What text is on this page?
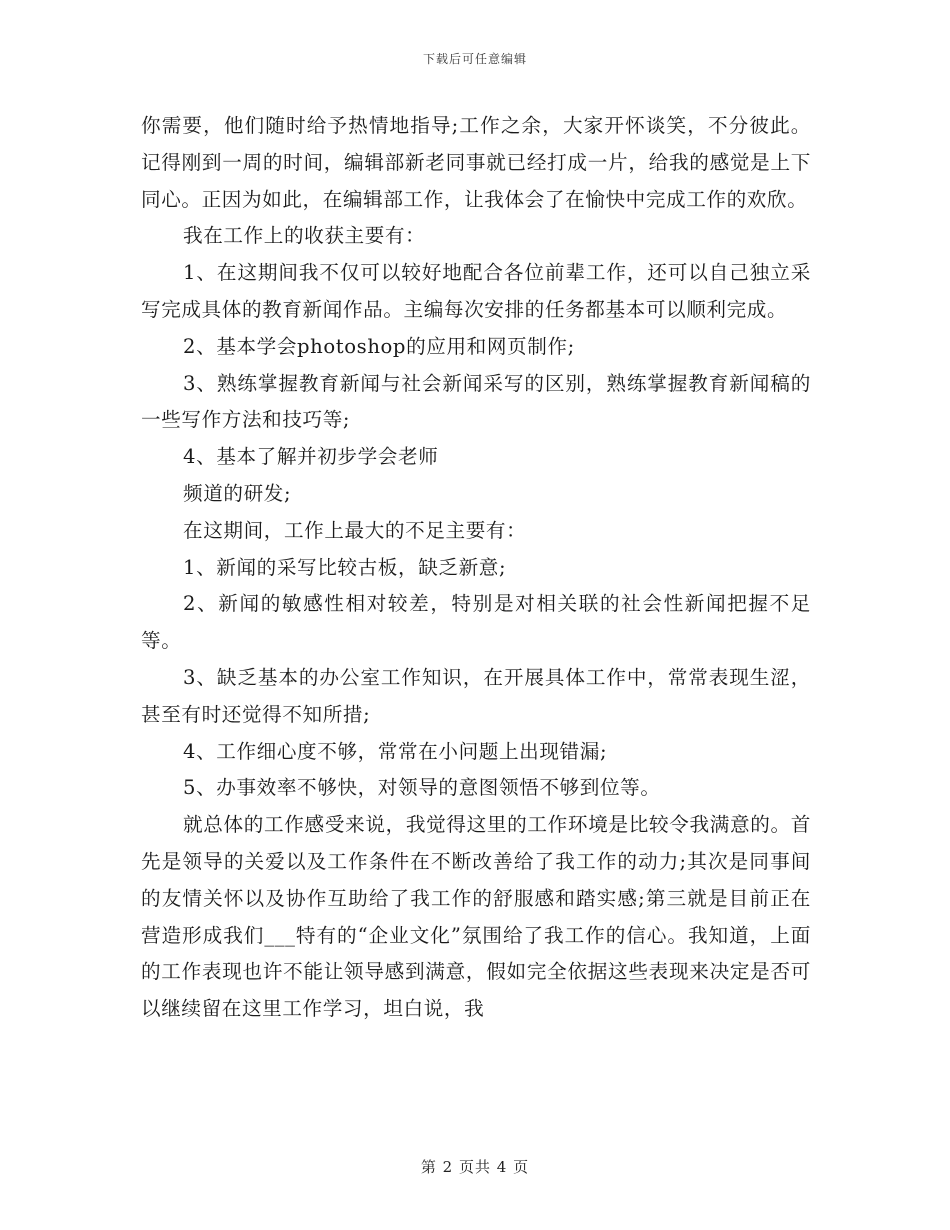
下载后可任意编辑

你需要，他们随时给予热情地指导;工作之余，大家开怀谈笑，不分彼此。记得刚到一周的时间，编辑部新老同事就已经打成一片，给我的感觉是上下同心。正因为如此，在编辑部工作，让我体会了在愉快中完成工作的欢欣。

我在工作上的收获主要有：

1、在这期间我不仅可以较好地配合各位前辈工作，还可以自己独立采写完成具体的教育新闻作品。主编每次安排的任务都基本可以顺利完成。

2、基本学会photoshop的应用和网页制作;

3、熟练掌握教育新闻与社会新闻采写的区别，熟练掌握教育新闻稿的一些写作方法和技巧等;

4、基本了解并初步学会老师

频道的研发;

在这期间，工作上最大的不足主要有：

1、新闻的采写比较古板，缺乏新意;

2、新闻的敏感性相对较差，特别是对相关联的社会性新闻把握不足等。

3、缺乏基本的办公室工作知识，在开展具体工作中，常常表现生涩，甚至有时还觉得不知所措;

4、工作细心度不够，常常在小问题上出现错漏;

5、办事效率不够快，对领导的意图领悟不够到位等。

就总体的工作感受来说，我觉得这里的工作环境是比较令我满意的。首先是领导的关爱以及工作条件在不断改善给了我工作的动力;其次是同事间的友情关怀以及协作互助给了我工作的舒服感和踏实感;第三就是目前正在营造形成我们___特有的“企业文化”氛围给了我工作的信心。我知道，上面的工作表现也许不能让领导感到满意，假如完全依据这些表现来决定是否可以继续留在这里工作学习，坦白说，我

第 2 页共 4 页
